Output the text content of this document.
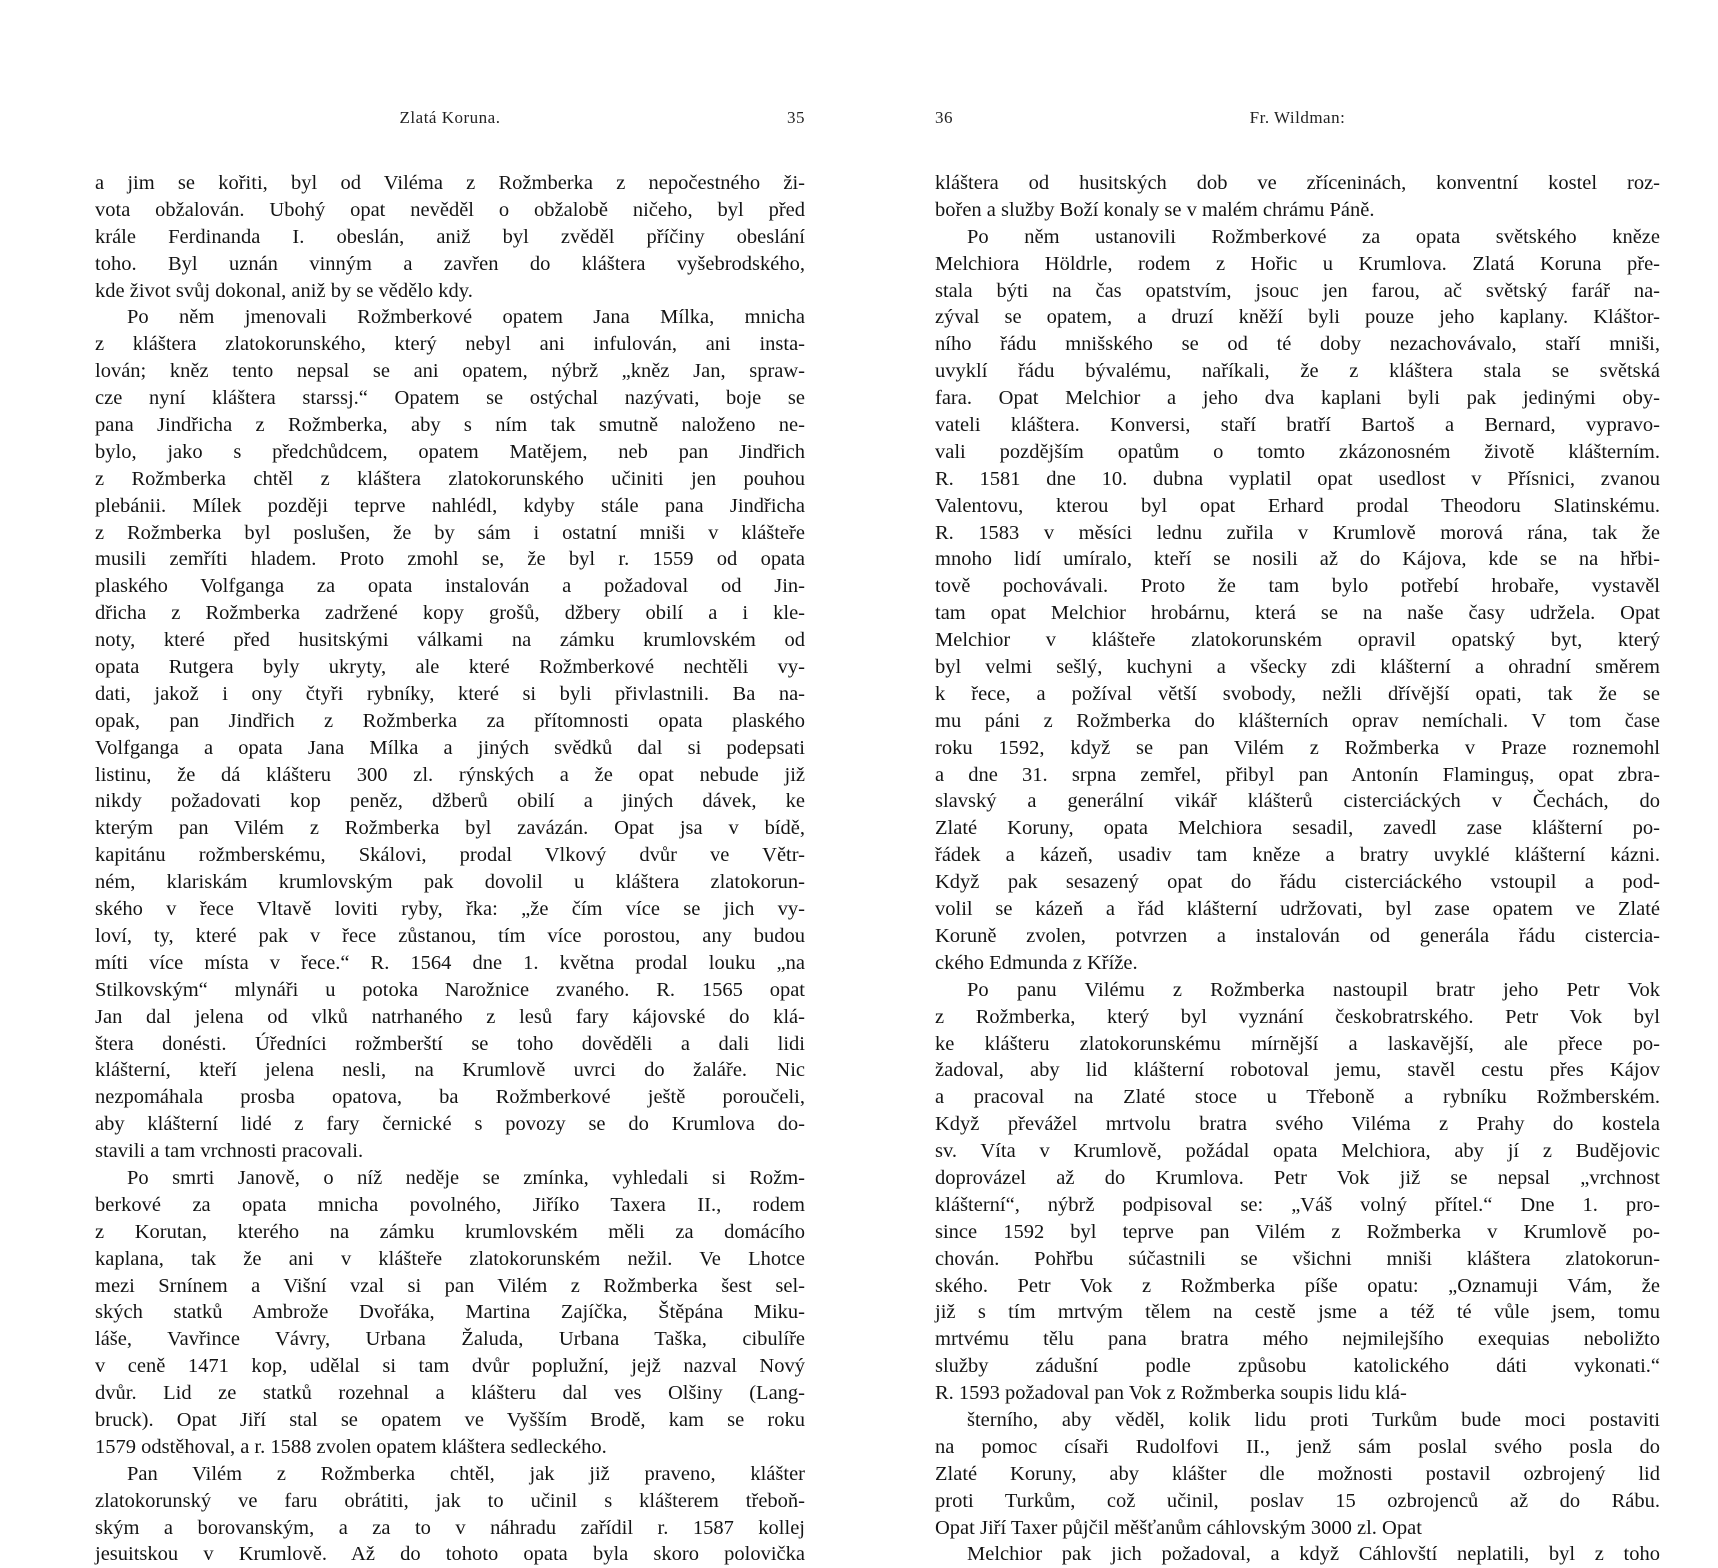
Zlatá Koruna.	35
a jim se kořiti, byl od Viléma z Rožmberka z nepočestného ži-
vota obžalován. Ubohý opat nevěděl o obžalobě ničeho, byl před
krále Ferdinanda I. obeslán, aniž byl zvěděl příčiny obeslání
toho. Byl uznán vinným a zavřen do kláštera vyšebrodského,
kde život svůj dokonal, aniž by se vědělo kdy.
Po něm jmenovali Rožmberkové opatem Jana Mílka, mnicha
z kláštera zlatokorunského, který nebyl ani infulován, ani insta-
lován; kněz tento nepsal se ani opatem, nýbrž „kněz Jan, spraw-
cze nyní kláštera starssj.“ Opatem se ostýchal nazývati, boje se
pana Jindřicha z Rožmberka, aby s ním tak smutně naloženo ne-
bylo, jako s předchůdcem, opatem Matějem, neb pan Jindřich
z Rožmberka chtěl z kláštera zlatokorunského učiniti jen pouhou
plebánii. Mílek později teprve nahlédl, kdyby stále pana Jindřicha
z Rožmberka byl poslušen, že by sám i ostatní mniši v klášteře
musili zemříti hladem. Proto zmohl se, že byl r. 1559 od opata
plaského Volfganga za opata instalován a požadoval od Jin-
dřicha z Rožmberka zadržené kopy grošů, džbery obilí a i kle-
noty, které před husitskými válkami na zámku krumlovském od
opata Rutgera byly ukryty, ale které Rožmberkové nechtěli vy-
dati, jakož i ony čtyři rybníky, které si byli přivlastnili. Ba na-
opak, pan Jindřich z Rožmberka za přítomnosti opata plaského
Volfganga a opata Jana Mílka a jiných svědků dal si podepsati
listinu, že dá klášteru 300 zl. rýnských a že opat nebude již
nikdy požadovati kop peněz, džberů obilí a jiných dávek, ke
kterým pan Vilém z Rožmberka byl zavázán. Opat jsa v bídě,
kapitánu rožmberskému, Skálovi, prodal Vlkový dvůr ve Větr-
ném, klariskám krumlovským pak dovolil u kláštera zlatokorun-
ského v řece Vltavě loviti ryby, řka: „že čím více se jich vy-
loví, ty, které pak v řece zůstanou, tím více porostou, any budou
míti více místa v řece.“ R. 1564 dne 1. května prodal louku „na
Stilkovským“ mlynáři u potoka Narožnice zvaného. R. 1565 opat
Jan dal jelena od vlků natrhaného z lesů fary kájovské do klá-
štera donésti. Úředníci rožmberští se toho dověděli a dali lidi
klášterní, kteří jelena nesli, na Krumlově uvrci do žaláře. Nic
nezpomáhala prosba opatova, ba Rožmberkové ještě poroučeli,
aby klášterní lidé z fary černické s povozy se do Krumlova do-
stavili a tam vrchnosti pracovali.
Po smrti Janově, o níž neděje se zmínka, vyhledali si Rožm-
berkové za opata mnicha povolného, Jiříko Taxera II., rodem
z Korutan, kterého na zámku krumlovském měli za domácího
kaplana, tak že ani v klášteře zlatokorunském nežil. Ve Lhotce
mezi Srnínem a Višní vzal si pan Vilém z Rožmberka šest sel-
ských statků Ambrože Dvořáka, Martina Zajíčka, Štěpána Miku-
láše, Vavřince Vávry, Urbana Žaluda, Urbana Taška, cibulíře
v ceně 1471 kop, udělal si tam dvůr poplužní, jejž nazval Nový
dvůr. Lid ze statků rozehnal a klášteru dal ves Olšiny (Lang-
bruck). Opat Jiří stal se opatem ve Vyšším Brodě, kam se roku
1579 odstěhoval, a r. 1588 zvolen opatem kláštera sedleckého.
Pan Vilém z Rožmberka chtěl, jak již praveno, klášter
zlatokorunský ve faru obrátiti, jak to učinil s klášterem třeboň-
ským a borovanským, a za to v náhradu zařídil r. 1587 kollej
jesuitskou v Krumlově. Až do tohoto opata byla skoro polovička
36	Fr. Wildman:
kláštera od husitských dob ve zříceninách, konventní kostel roz-
bořen a služby Boží konaly se v malém chrámu Páně.
Po něm ustanovili Rožmberkové za opata světského kněze
Melchiora Höldrle, rodem z Hořic u Krumlova. Zlatá Koruna pře-
stala býti na čas opatstvím, jsouc jen farou, ač světský farář na-
zýval se opatem, a druzí kněží byli pouze jeho kaplany. Kláštor-
ního řádu mnišského se od té doby nezachovávalo, staří mniši,
uvyklí řádu bývalému, naříkali, že z kláštera stala se světská
fara. Opat Melchior a jeho dva kaplani byli pak jedinými oby-
vateli kláštera. Konversi, staří bratří Bartoš a Bernard, vypravo-
vali pozdějším opatům o tomto zkázonosném životě klášterním.
R. 1581 dne 10. dubna vyplatil opat usedlost v Přísnici, zvanou
Valentovu, kterou byl opat Erhard prodal Theodoru Slatinskému.
R. 1583 v měsíci lednu zuřila v Krumlově morová rána, tak že
mnoho lidí umíralo, kteří se nosili až do Kájova, kde se na hřbi-
tově pochovávali. Proto že tam bylo potřebí hrobaře, vystavěl
tam opat Melchior hrobárnu, která se na naše časy udržela. Opat
Melchior v klášteře zlatokorunském opravil opatský byt, který
byl velmi sešlý, kuchyni a všecky zdi klášterní a ohradní směrem
k řece, a požíval větší svobody, nežli dřívější opati, tak že se
mu páni z Rožmberka do klášterních oprav nemíchali. V tom čase
roku 1592, když se pan Vilém z Rožmberka v Praze roznemohl
a dne 31. srpna zemřel, přibyl pan Antonín Flaminguș, opat zbra-
slavský a generální vikář klášterů cisterciáckých v Čechách, do
Zlaté Koruny, opata Melchiora sesadil, zavedl zase klášterní po-
řádek a kázeň, usadiv tam kněze a bratry uvyklé klášterní kázni.
Když pak sesazený opat do řádu cisterciáckého vstoupil a pod-
volil se kázeň a řád klášterní udržovati, byl zase opatem ve Zlaté
Koruně zvolen, potvrzen a instalován od generála řádu cistercia-
ckého Edmunda z Kříže.
Po panu Vilému z Rožmberka nastoupil bratr jeho Petr Vok
z Rožmberka, který byl vyznání českobratrského. Petr Vok byl
ke klášteru zlatokorunskému mírnější a laskavější, ale přece po-
žadoval, aby lid klášterní robotoval jemu, stavěl cestu přes Kájov
a pracoval na Zlaté stoce u Třeboně a rybníku Rožmberském.
Když převážel mrtvolu bratra svého Viléma z Prahy do kostela
sv. Víta v Krumlově, požádal opata Melchiora, aby jí z Budějovic
doprovázel až do Krumlova. Petr Vok již se nepsal „vrchnost
klášterní“, nýbrž podpisoval se: „Váš volný přítel.“ Dne 1. pro-
since 1592 byl teprve pan Vilém z Rožmberka v Krumlově po-
chován. Pohřbu súčastnili se všichni mniši kláštera zlatokorun-
ského. Petr Vok z Rožmberka píše opatu: „Oznamuji Vám, že
již s tím mrtvým tělem na cestě jsme a též té vůle jsem, tomu
mrtvému tělu pana bratra mého nejmilejšího exequias neboližto
služby zádušní podle způsobu katolického dáti vykonati.“
R. 1593 požadoval pan Vok z Rožmberka soupis lidu klá-
šterního, aby věděl, kolik lidu proti Turkům bude moci postaviti
na pomoc císaři Rudolfovi II., jenž sám poslal svého posla do
Zlaté Koruny, aby klášter dle možnosti postavil ozbrojený lid
proti Turkům, což učinil, poslav 15 ozbrojenců až do Rábu.
Opat Jiří Taxer půjčil měšťanům cáhlovským 3000 zl. Opat
Melchior pak jich požadoval, a když Cáhlovští neplatili, byl z toho
